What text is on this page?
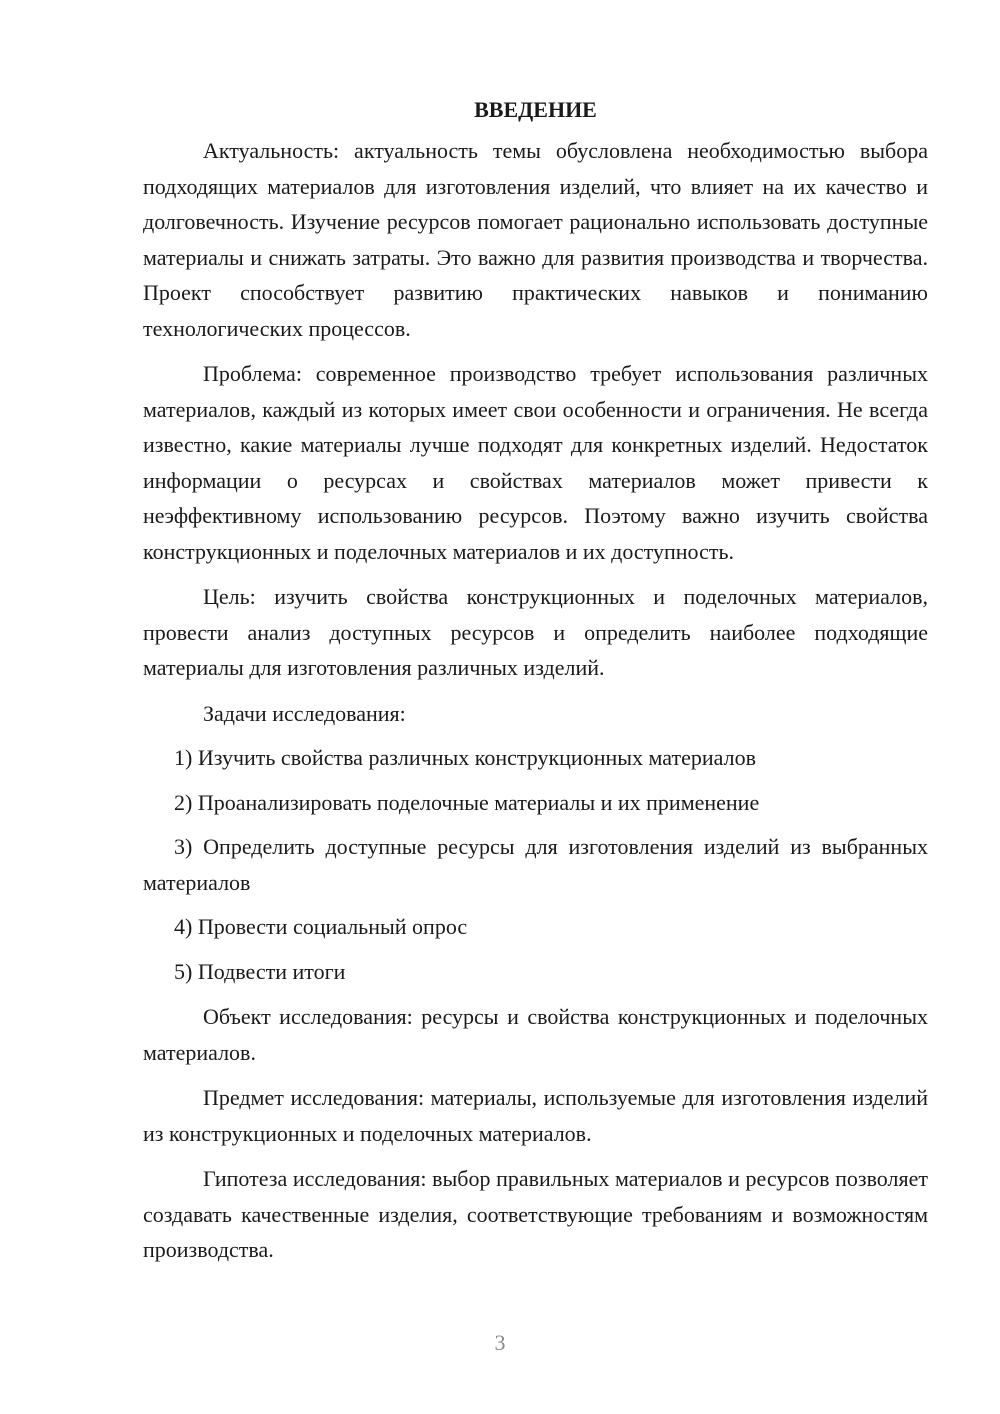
ВВЕДЕНИЕ

Актуальность: актуальность темы обусловлена необходимостью выбора подходящих материалов для изготовления изделий, что влияет на их качество и долговечность. Изучение ресурсов помогает рационально использовать доступные материалы и снижать затраты. Это важно для развития производства и творчества. Проект способствует развитию практических навыков и пониманию технологических процессов.

Проблема: современное производство требует использования различных материалов, каждый из которых имеет свои особенности и ограничения. Не всегда известно, какие материалы лучше подходят для конкретных изделий. Недостаток информации о ресурсах и свойствах материалов может привести к неэффективному использованию ресурсов. Поэтому важно изучить свойства конструкционных и поделочных материалов и их доступность.

Цель: изучить свойства конструкционных и поделочных материалов, провести анализ доступных ресурсов и определить наиболее подходящие материалы для изготовления различных изделий.

Задачи исследования:

1) Изучить свойства различных конструкционных материалов

2) Проанализировать поделочные материалы и их применение

3) Определить доступные ресурсы для изготовления изделий из выбранных материалов

4) Провести социальный опрос

5) Подвести итоги

Объект исследования: ресурсы и свойства конструкционных и поделочных материалов.

Предмет исследования: материалы, используемые для изготовления изделий из конструкционных и поделочных материалов.

Гипотеза исследования: выбор правильных материалов и ресурсов позволяет создавать качественные изделия, соответствующие требованиям и возможностям производства.

3
